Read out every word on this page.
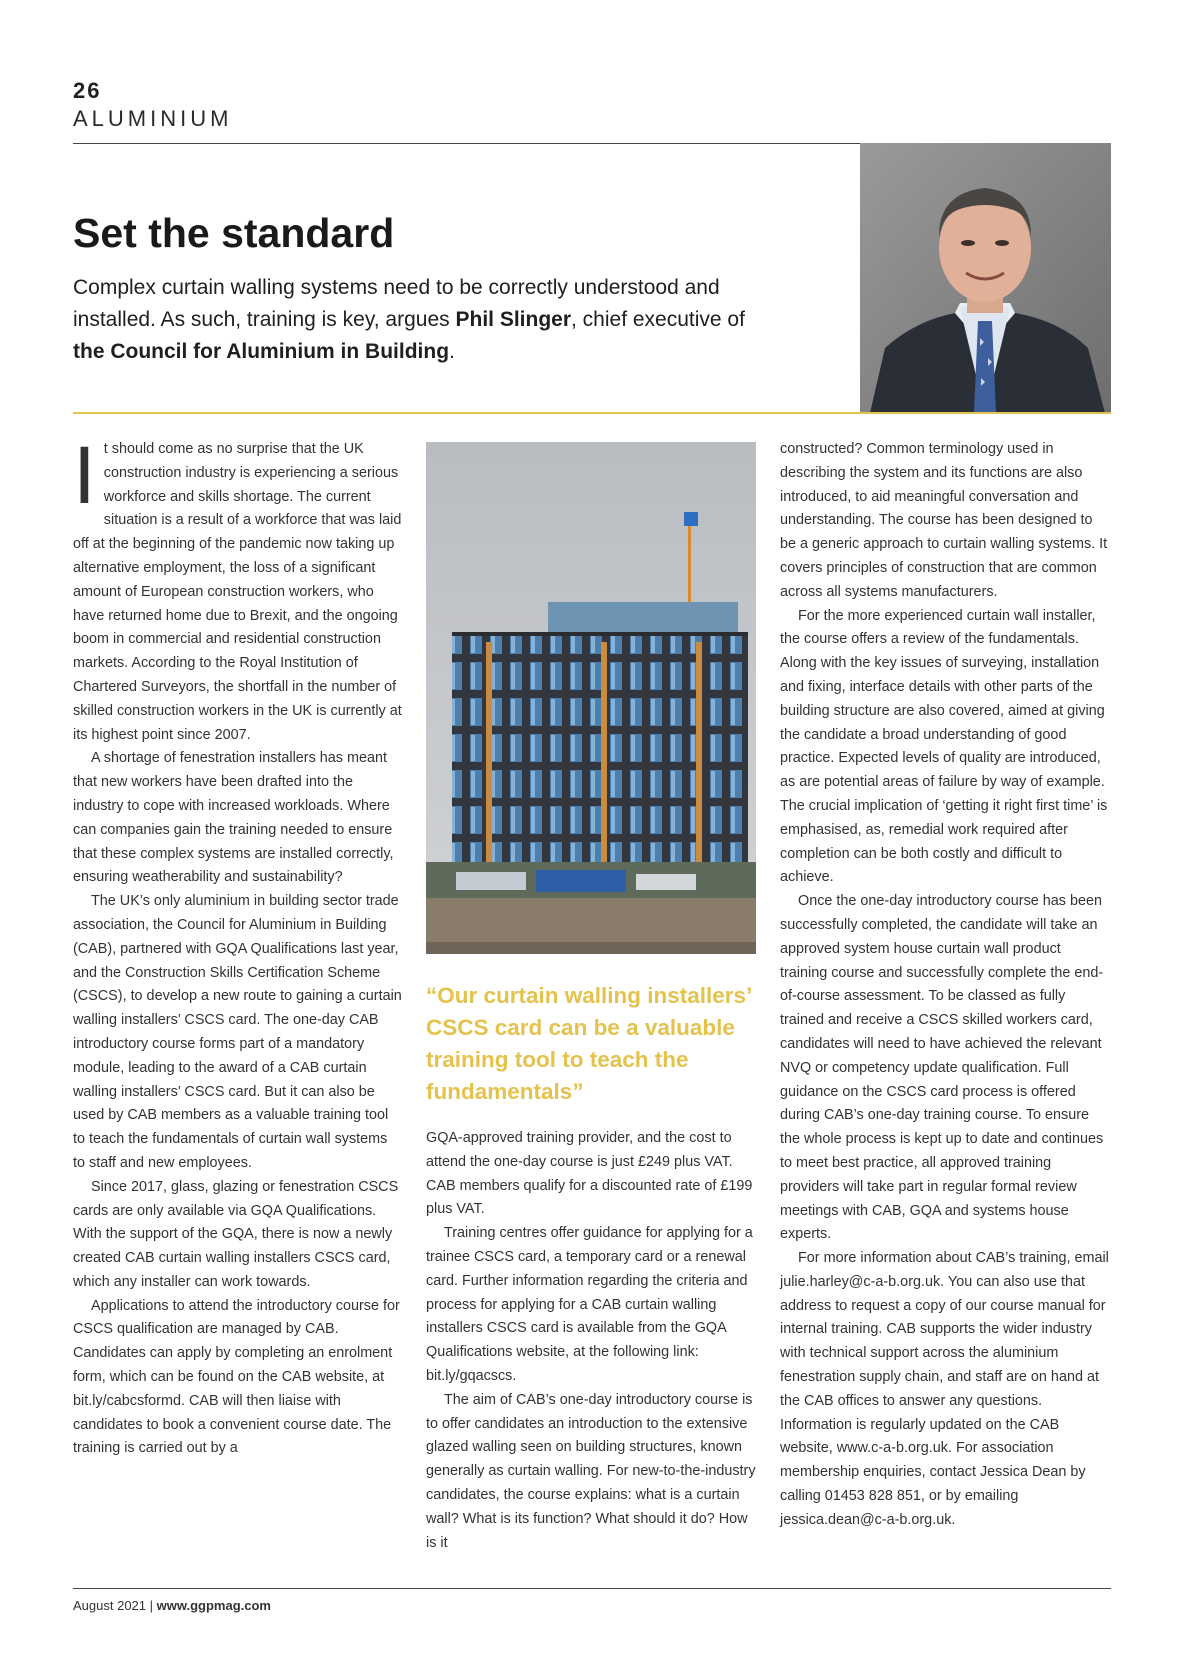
26
ALUMINIUM
Set the standard

Complex curtain walling systems need to be correctly understood and installed. As such, training is key, argues Phil Slinger, chief executive of the Council for Aluminium in Building.

It should come as no surprise that the UK construction industry is experiencing a serious workforce and skills shortage. The current situation is a result of a workforce that was laid off at the beginning of the pandemic now taking up alternative employment, the loss of a significant amount of European construction workers, who have returned home due to Brexit, and the ongoing boom in commercial and residential construction markets. According to the Royal Institution of Chartered Surveyors, the shortfall in the number of skilled construction workers in the UK is currently at its highest point since 2007.

A shortage of fenestration installers has meant that new workers have been drafted into the industry to cope with increased workloads. Where can companies gain the training needed to ensure that these complex systems are installed correctly, ensuring weatherability and sustainability?

The UK’s only aluminium in building sector trade association, the Council for Aluminium in Building (CAB), partnered with GQA Qualifications last year, and the Construction Skills Certification Scheme (CSCS), to develop a new route to gaining a curtain walling installers’ CSCS card. The one-day CAB introductory course forms part of a mandatory module, leading to the award of a CAB curtain walling installers’ CSCS card. But it can also be used by CAB members as a valuable training tool to teach the fundamentals of curtain wall systems to staff and new employees.

Since 2017, glass, glazing or fenestration CSCS cards are only available via GQA Qualifications. With the support of the GQA, there is now a newly created CAB curtain walling installers CSCS card, which any installer can work towards.

Applications to attend the introductory course for CSCS qualification are managed by CAB. Candidates can apply by completing an enrolment form, which can be found on the CAB website, at bit.ly/cabcsformd. CAB will then liaise with candidates to book a convenient course date. The training is carried out by a

“Our curtain walling installers’ CSCS card can be a valuable training tool to teach the fundamentals”

GQA-approved training provider, and the cost to attend the one-day course is just £249 plus VAT. CAB members qualify for a discounted rate of £199 plus VAT.

Training centres offer guidance for applying for a trainee CSCS card, a temporary card or a renewal card. Further information regarding the criteria and process for applying for a CAB curtain walling installers CSCS card is available from the GQA Qualifications website, at the following link: bit.ly/gqacscs.

The aim of CAB’s one-day introductory course is to offer candidates an introduction to the extensive glazed walling seen on building structures, known generally as curtain walling. For new-to-the-industry candidates, the course explains: what is a curtain wall? What is its function? What should it do? How is it

constructed? Common terminology used in describing the system and its functions are also introduced, to aid meaningful conversation and understanding. The course has been designed to be a generic approach to curtain walling systems. It covers principles of construction that are common across all systems manufacturers.

For the more experienced curtain wall installer, the course offers a review of the fundamentals. Along with the key issues of surveying, installation and fixing, interface details with other parts of the building structure are also covered, aimed at giving the candidate a broad understanding of good practice. Expected levels of quality are introduced, as are potential areas of failure by way of example. The crucial implication of ‘getting it right first time’ is emphasised, as, remedial work required after completion can be both costly and difficult to achieve.

Once the one-day introductory course has been successfully completed, the candidate will take an approved system house curtain wall product training course and successfully complete the end-of-course assessment. To be classed as fully trained and receive a CSCS skilled workers card, candidates will need to have achieved the relevant NVQ or competency update qualification. Full guidance on the CSCS card process is offered during CAB’s one-day training course. To ensure the whole process is kept up to date and continues to meet best practice, all approved training providers will take part in regular formal review meetings with CAB, GQA and systems house experts.

For more information about CAB’s training, email julie.harley@c-a-b.org.uk. You can also use that address to request a copy of our course manual for internal training. CAB supports the wider industry with technical support across the aluminium fenestration supply chain, and staff are on hand at the CAB offices to answer any questions. Information is regularly updated on the CAB website, www.c-a-b.org.uk. For association membership enquiries, contact Jessica Dean by calling 01453 828 851, or by emailing jessica.dean@c-a-b.org.uk.

August 2021 | www.ggpmag.com
